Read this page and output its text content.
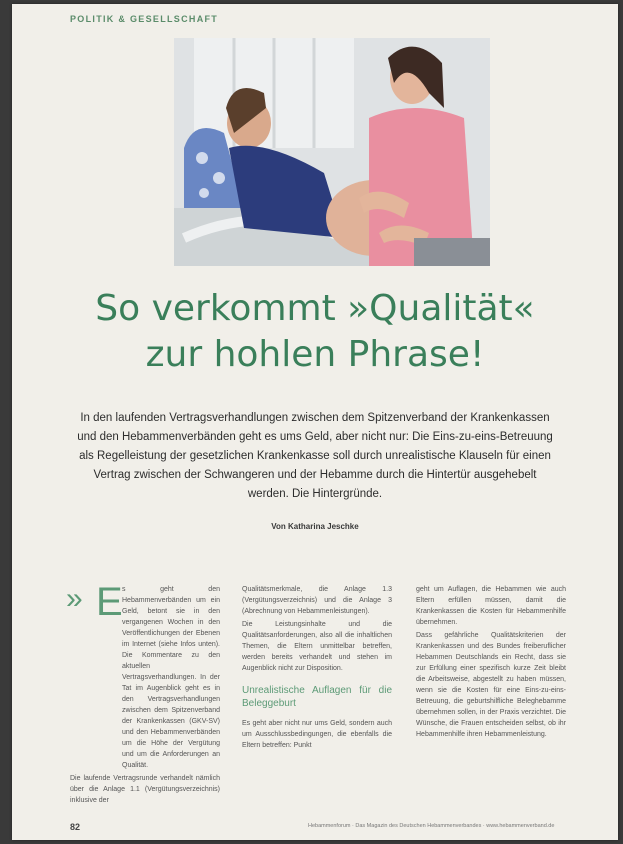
POLITIK & GESELLSCHAFT
So verkommt »Qualität«
zur hohlen Phrase!
In den laufenden Vertragsverhandlungen zwischen dem Spitzenverband der Krankenkassen und den Hebammenverbänden geht es ums Geld, aber nicht nur: Die Eins-zu-eins-Betreuung als Regelleistung der gesetzlichen Krankenkasse soll durch unrealistische Klauseln für einen Vertrag zwischen der Schwangeren und der Hebamme durch die Hintertür ausgehebelt werden. Die Hintergründe.
Von Katharina Jeschke
» E s geht den Hebammenverbänden um ein Geld, betont sie in den vergangenen Wochen in den Veröffentlichungen der Ebenen im Internet (siehe Infos unten). Die Kommentare zu den aktuellen Vertragsverhandlungen. In der Tat im Augenblick geht es in den Vertragsverhandlungen zwischen dem Spitzenverband der Krankenkassen (GKV-SV) und den Hebammenverbänden um die Höhe der Vergütung und um die Anforderungen an Qualität.

Die laufende Vertragsrunde verhandelt nämlich über die Anlage 1.1 (Vergütungsverzeichnis) inklusive der

Qualitätsmerkmale, die Anlage 1.3 (Vergütungsverzeichnis) und die Anlage 3 (Abrechnung von Hebammenleistungen).

Die Leistungsinhalte und die Qualitätsanforderungen, also all die inhaltlichen Themen, die Eltern unmittelbar betreffen, werden bereits verhandelt und stehen im Augenblick nicht zur Disposition.

Unrealistische Auflagen für die Beleggeburt

Es geht aber nicht nur ums Geld, sondern auch um Ausschlussbedingungen, die ebenfalls die Eltern betreffen: Punkt

geht um Auflagen, die Hebammen wie auch Eltern erfüllen müssen, damit die Krankenkassen die Kosten für Hebammenhilfe übernehmen.

Dass gefährliche Qualitätskriterien der Krankenkassen und des Bundes freiberuflicher Hebammen Deutschlands ein Recht, dass sie zur Erfüllung einer spezifisch kurze Zeit bleibt die Arbeitsweise, abgestellt zu haben müssen, wenn sie die Kosten für eine Eins-zu-eins-Betreuung, die geburtshilfliche Beleghebamme übernehmen sollen, in der Praxis verzichtet. Die Wünsche, die Frauen entscheiden selbst, ob ihr Hebammenhilfe ihren Hebammenleistung.

82	Hebammenforum · Das Magazin des Deutschen Hebammenverbandes · www.hebammenverband.de
